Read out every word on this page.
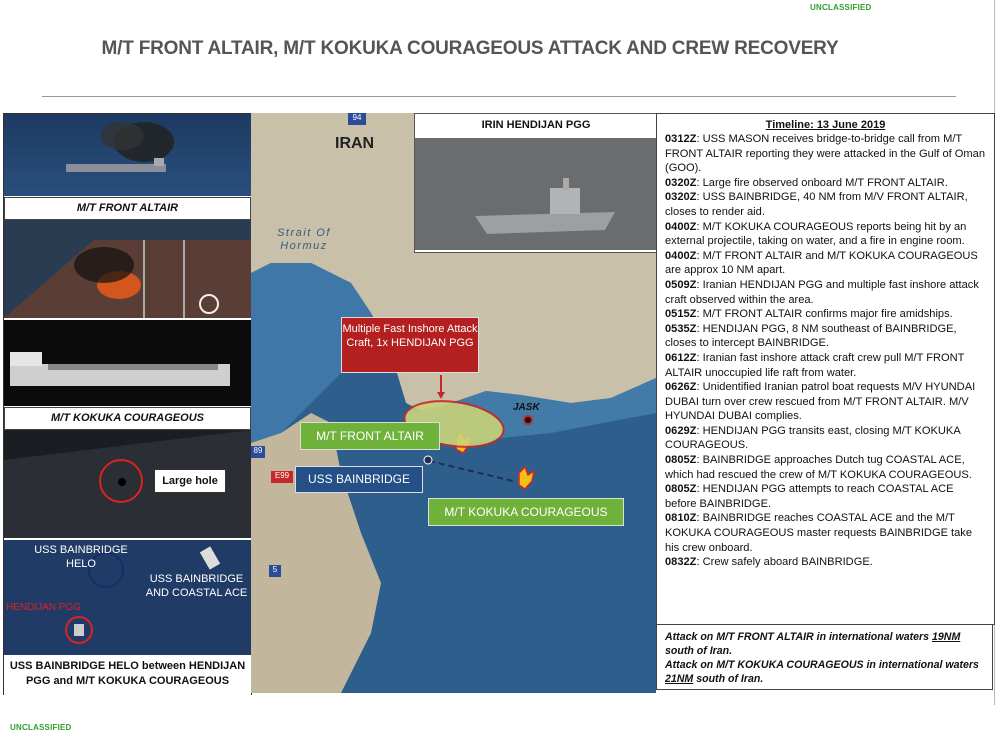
UNCLASSIFIED
UNCLASSIFIED
M/T FRONT ALTAIR, M/T KOKUKA COURAGEOUS ATTACK AND CREW RECOVERY
M/T FRONT ALTAIR
M/T KOKUKA COURAGEOUS
Large hole
USS BAINBRIDGE HELO
USS BAINBRIDGE AND COASTAL ACE
HENDIJAN PGG
USS BAINBRIDGE HELO between HENDIJAN PGG and M/T KOKUKA COURAGEOUS
94
89
E99
5
IRAN
Strait Of Hormuz
JASK
IRIN HENDIJAN PGG
Multiple Fast Inshore Attack Craft, 1x HENDIJAN PGG
M/T FRONT ALTAIR
USS BAINBRIDGE
M/T KOKUKA COURAGEOUS
Timeline: 13 June 2019
0312Z: USS MASON receives bridge-to-bridge call from M/T FRONT ALTAIR reporting they were attacked in the Gulf of Oman (GOO).
0320Z: Large fire observed onboard M/T FRONT ALTAIR.
0320Z: USS BAINBRIDGE, 40 NM from M/V FRONT ALTAIR, closes to render aid.
0400Z: M/T KOKUKA COURAGEOUS reports being hit by an external projectile, taking on water, and a fire in engine room.
0400Z: M/T FRONT ALTAIR and M/T KOKUKA COURAGEOUS are approx 10 NM apart.
0509Z: Iranian HENDIJAN PGG and multiple fast inshore attack craft observed within the area.
0515Z: M/T FRONT ALTAIR confirms major fire amidships.
0535Z: HENDIJAN PGG, 8 NM southeast of BAINBRIDGE, closes to intercept BAINBRIDGE.
0612Z: Iranian fast inshore attack craft crew pull M/T FRONT ALTAIR unoccupied life raft from water.
0626Z: Unidentified Iranian patrol boat requests M/V HYUNDAI DUBAI turn over crew rescued from M/T FRONT ALTAIR. M/V HYUNDAI DUBAI complies.
0629Z: HENDIJAN PGG transits east, closing M/T KOKUKA COURAGEOUS.
0805Z: BAINBRIDGE approaches Dutch tug COASTAL ACE, which had rescued the crew of M/T KOKUKA COURAGEOUS.
0805Z: HENDIJAN PGG attempts to reach COASTAL ACE before BAINBRIDGE.
0810Z: BAINBRIDGE reaches COASTAL ACE and the M/T KOKUKA COURAGEOUS master requests BAINBRIDGE take his crew onboard.
0832Z: Crew safely aboard BAINBRIDGE.
Attack on M/T FRONT ALTAIR in international waters 19NM south of Iran.
Attack on M/T KOKUKA COURAGEOUS in international waters 21NM south of Iran.
